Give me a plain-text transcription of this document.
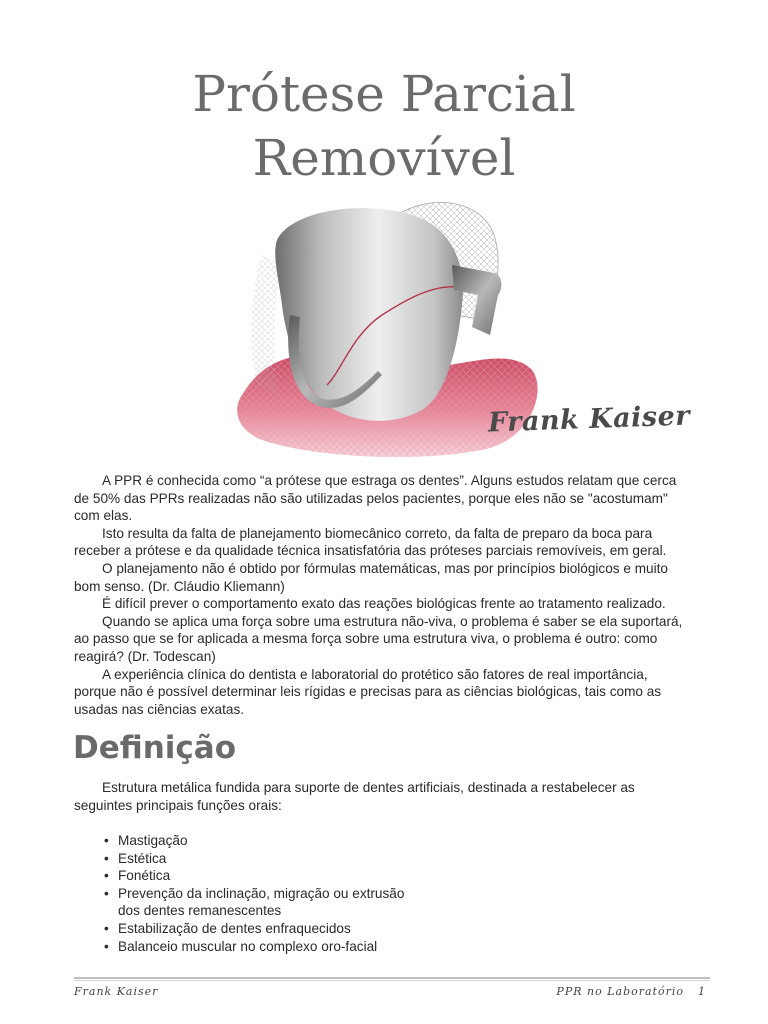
Prótese Parcial
Removível
Frank Kaiser

A PPR é conhecida como “a prótese que estraga os dentes”. Alguns estudos relatam que cerca de 50% das PPRs realizadas não são utilizadas pelos pacientes, porque eles não se "acostumam" com elas.

Isto resulta da falta de planejamento biomecânico correto, da falta de preparo da boca para receber a prótese e da qualidade técnica insatisfatória das próteses parciais removíveis, em geral.

O planejamento não é obtido por fórmulas matemáticas, mas por princípios biológicos e muito bom senso. (Dr. Cláudio Kliemann)

É difícil prever o comportamento exato das reações biológicas frente ao tratamento realizado.

Quando se aplica uma força sobre uma estrutura não-viva, o problema é saber se ela suportará, ao passo que se for aplicada a mesma força sobre uma estrutura viva, o problema é outro: como reagirá? (Dr. Todescan)

A experiência clínica do dentista e laboratorial do protético são fatores de real importância, porque não é possível determinar leis rígidas e precisas para as ciências biológicas, tais como as usadas nas ciências exatas.

Definição

Estrutura metálica fundida para suporte de dentes artificiais, destinada a restabelecer as seguintes principais funções orais:

• Mastigação
• Estética
• Fonética
• Prevenção da inclinação, migração ou extrusão dos dentes remanescentes
• Estabilização de dentes enfraquecidos
• Balanceio muscular no complexo oro-facial
Frank Kaiser	PPR no Laboratório 1
